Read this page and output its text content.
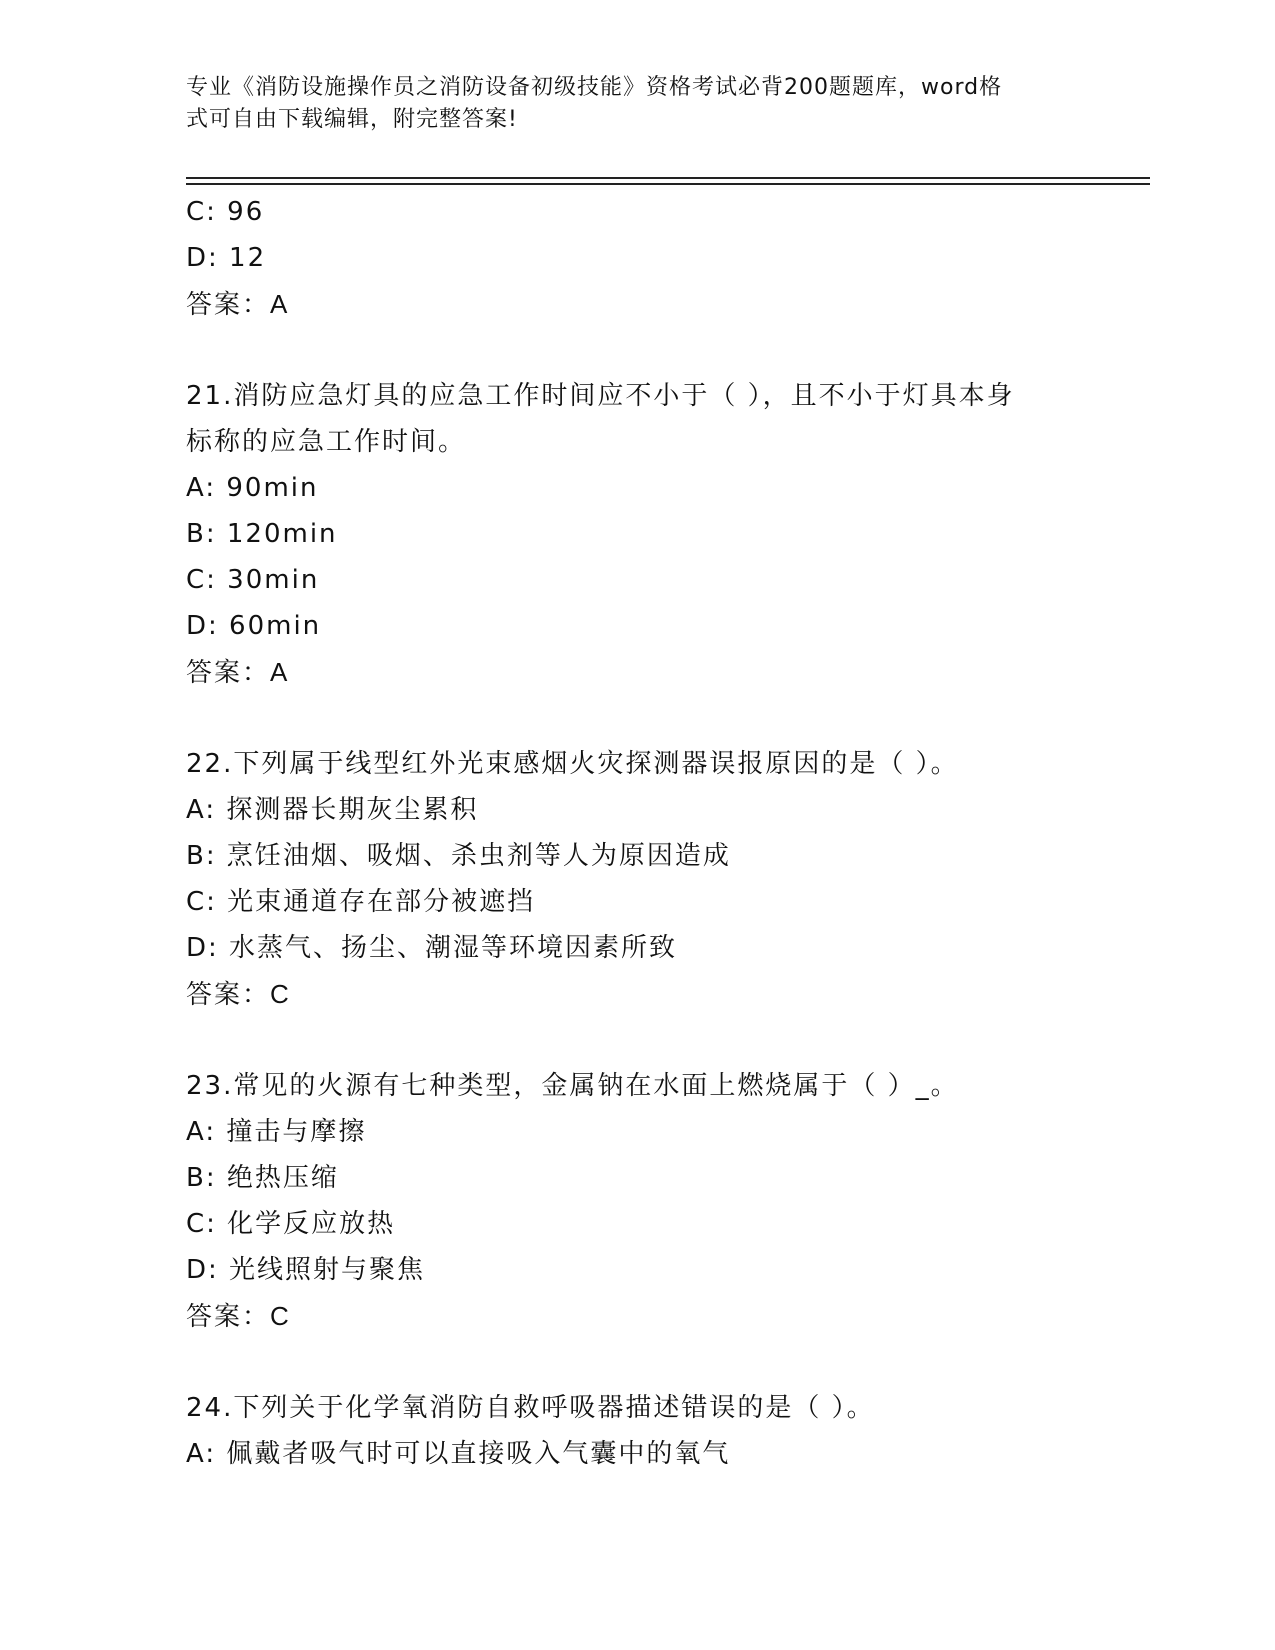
专业《消防设施操作员之消防设备初级技能》资格考试必背200题题库，word格
式可自由下载编辑，附完整答案!
C: 96
D: 12
答案：A
21.消防应急灯具的应急工作时间应不小于（ ），且不小于灯具本身
标称的应急工作时间。
A: 90min
B: 120min
C: 30min
D: 60min
答案：A
22.下列属于线型红外光束感烟火灾探测器误报原因的是（ ）。
A: 探测器长期灰尘累积
B: 烹饪油烟、吸烟、杀虫剂等人为原因造成
C: 光束通道存在部分被遮挡
D: 水蒸气、扬尘、潮湿等环境因素所致
答案：C
23.常见的火源有七种类型，金属钠在水面上燃烧属于（ ）_。
A: 撞击与摩擦
B: 绝热压缩
C: 化学反应放热
D: 光线照射与聚焦
答案：C
24.下列关于化学氧消防自救呼吸器描述错误的是（ ）。
A: 佩戴者吸气时可以直接吸入气囊中的氧气
